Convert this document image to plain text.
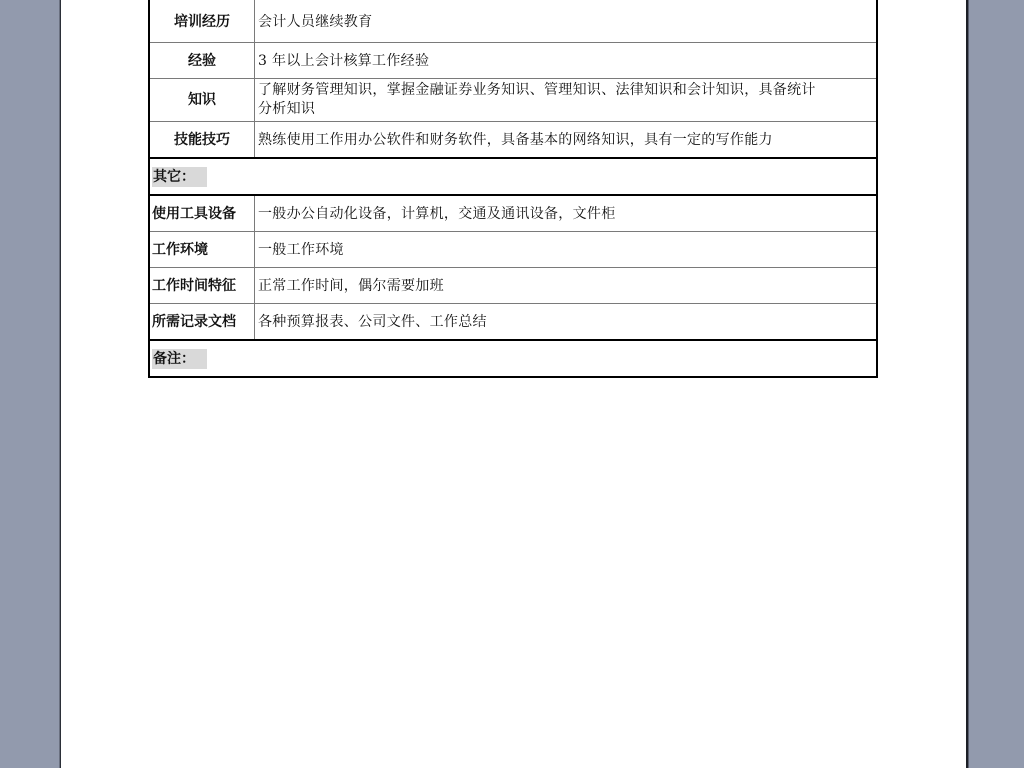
培训经历	会计人员继续教育
经验	3 年以上会计核算工作经验
知识	了解财务管理知识，掌握金融证券业务知识、管理知识、法律知识和会计知识，具备统计
分析知识

技能技巧	熟练使用工作用办公软件和财务软件，具备基本的网络知识，具有一定的写作能力
其它：	
使用工具设备	一般办公自动化设备，计算机，交通及通讯设备，文件柜
工作环境	一般工作环境
工作时间特征	正常工作时间，偶尔需要加班
所需记录文档	各种预算报表、公司文件、工作总结
备注：	
